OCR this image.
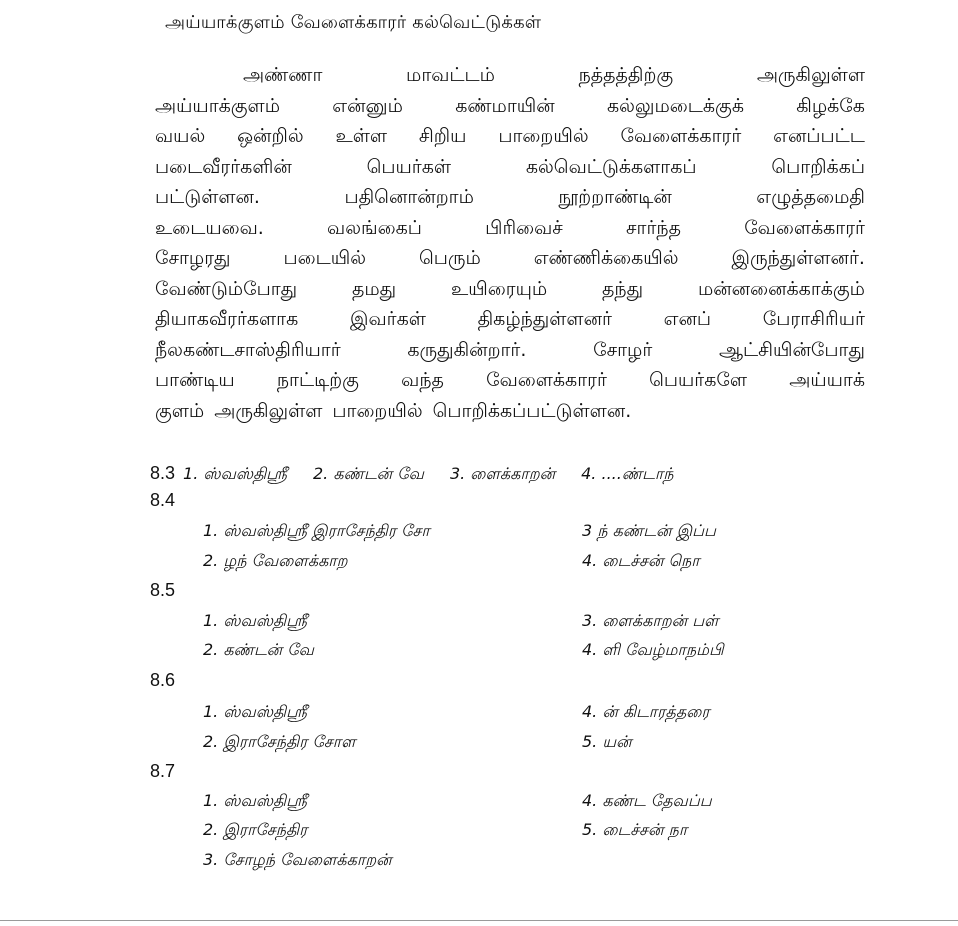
அய்யாக்குளம் வேளைக்காரர் கல்வெட்டுக்கள்
அண்ணா	மாவட்டம்	நத்தத்திற்கு	அருகிலுள்ள
அய்யாக்குளம்	என்னும்	கண்மாயின்	கல்லுமடைக்குக்	கிழக்கே
வயல் ஒன்றில் உள்ள சிறிய பாறையில் வேளைக்காரர் எனப்பட்ட
படைவீரர்களின்	பெயர்கள்	கல்வெட்டுக்களாகப்	பொறிக்கப்
பட்டுள்ளன.	பதினொன்றாம்	நூற்றாண்டின்	எழுத்தமைதி
உடையவை.	வலங்கைப்	பிரிவைச்	சார்ந்த	வேளைக்காரர்
சோழரது	படையில்	பெரும்	எண்ணிக்கையில்	இருந்துள்ளனர்.
வேண்டும்போது	தமது	உயிரையும்	தந்து	மன்னனைக்காக்கும்
தியாகவீரர்களாக	இவர்கள்	திகழ்ந்துள்ளனர்	எனப்	பேராசிரியர்
நீலகண்டசாஸ்திரியார்	கருதுகின்றார்.	சோழர்	ஆட்சியின்போது
பாண்டிய நாட்டிற்கு வந்த வேளைக்காரர் பெயர்களே அய்யாக்
குளம் அருகிலுள்ள பாறையில் பொறிக்கப்பட்டுள்ளன.
8.3 1. ஸ்வஸ்திஶ்ரீ 2. கண்டன் வே 3. ளைக்காறன் 4. ....ண்டாந்
8.4
1. ஸ்வஸ்திஶ்ரீ இராசேந்திர சோ
2. ழந் வேளைக்காற
3 ந் கண்டன் இப்ப
4. டைச்சன் நொ
8.5
1. ஸ்வஸ்திஶ்ரீ
2. கண்டன் வே
3. ளைக்காறன் பள்
4. ளி வேழ்மாநம்பி
8.6
1. ஸ்வஸ்திஶ்ரீ
2. இராசேந்திர சோள
4. ன் கிடாரத்தரை
5. யன்
8.7
1. ஸ்வஸ்திஶ்ரீ
2. இராசேந்திர
3. சோழந் வேளைக்காறன்
4. கண்ட தேவப்ப
5. டைச்சன் நா
